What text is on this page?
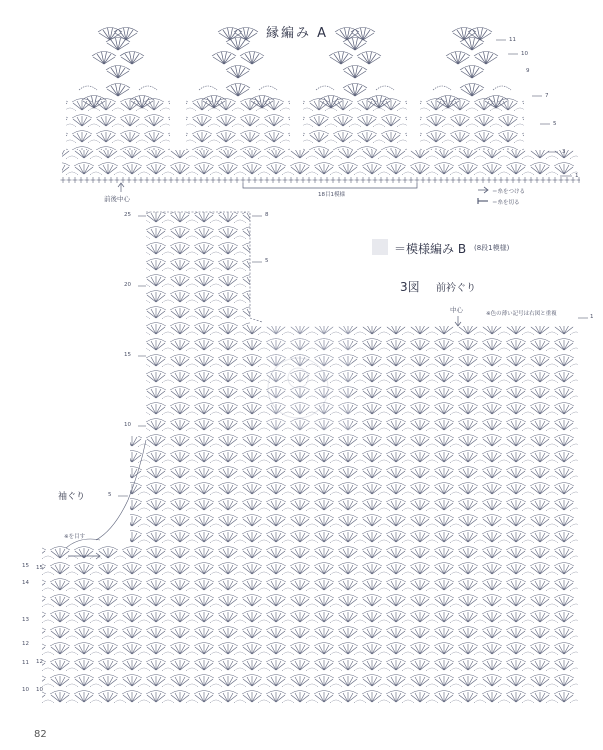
縁編み A
前後中心	18目1模様
1
3
5
7
9
10
11
＝糸をつける
＝糸を切る
＝模様編み B (8段1模様)
3図 前衿ぐり
中心	※色の薄い記号は右図と重複
袖ぐり
※を目す
25
20
15
10
5
8
5
1
15
14
13
12
11
10
15
12
10
82
